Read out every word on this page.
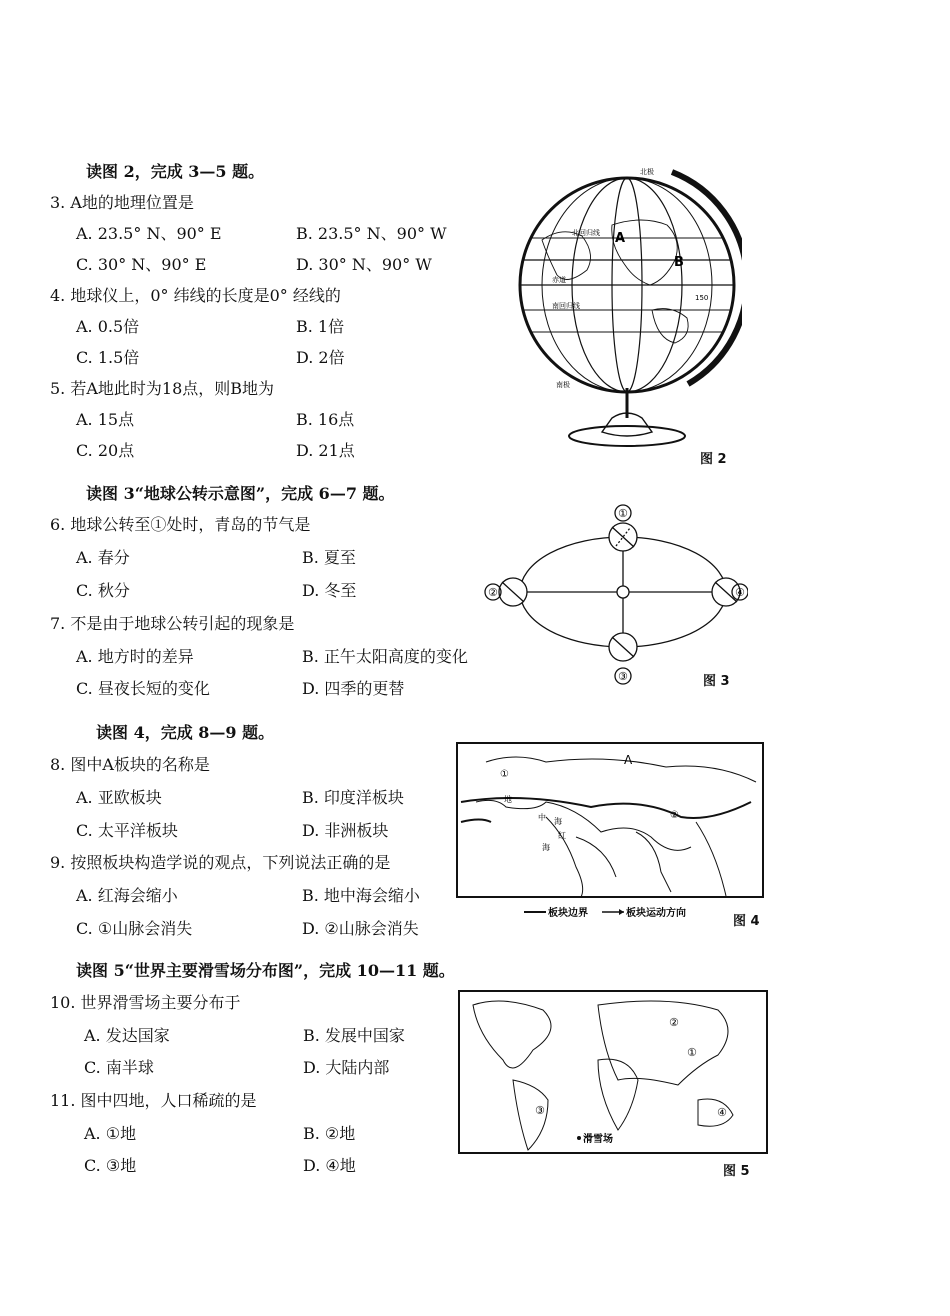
读图 2，完成 3—5 题。
3. A地的地理位置是
A. 23.5° N、90° E	B. 23.5° N、90° W
C. 30° N、90° E	D. 30° N、90° W
4. 地球仪上，0° 纬线的长度是0° 经线的
A. 0.5倍	B. 1倍
C. 1.5倍	D. 2倍
5. 若A地此时为18点，则B地为
A. 15点	B. 16点
C. 20点	D. 21点
读图 3“地球公转示意图”，完成 6—7 题。
6. 地球公转至①处时，青岛的节气是
A. 春分	B. 夏至
C. 秋分	D. 冬至
7. 不是由于地球公转引起的现象是
A. 地方时的差异	B. 正午太阳高度的变化
C. 昼夜长短的变化	D. 四季的更替
读图 4，完成 8—9 题。
8. 图中A板块的名称是
A. 亚欧板块	B. 印度洋板块
C. 太平洋板块	D. 非洲板块
9. 按照板块构造学说的观点，下列说法正确的是
A. 红海会缩小	B. 地中海会缩小
C. ①山脉会消失	D. ②山脉会消失
读图 5“世界主要滑雪场分布图”，完成 10—11 题。
10. 世界滑雪场主要分布于
A. 发达国家	B. 发展中国家
C. 南半球	D. 大陆内部
11. 图中四地，人口稀疏的是
A. ①地	B. ②地
C. ③地	D. ④地
A
B
北极
南极
北回归线
赤道
南回归线
150
图 2
①
②
③
④
图 3
A
①
②
地
中 海
红
海
板块边界	板块运动方向
图 4
②
①
③	④
滑雪场
图 5
